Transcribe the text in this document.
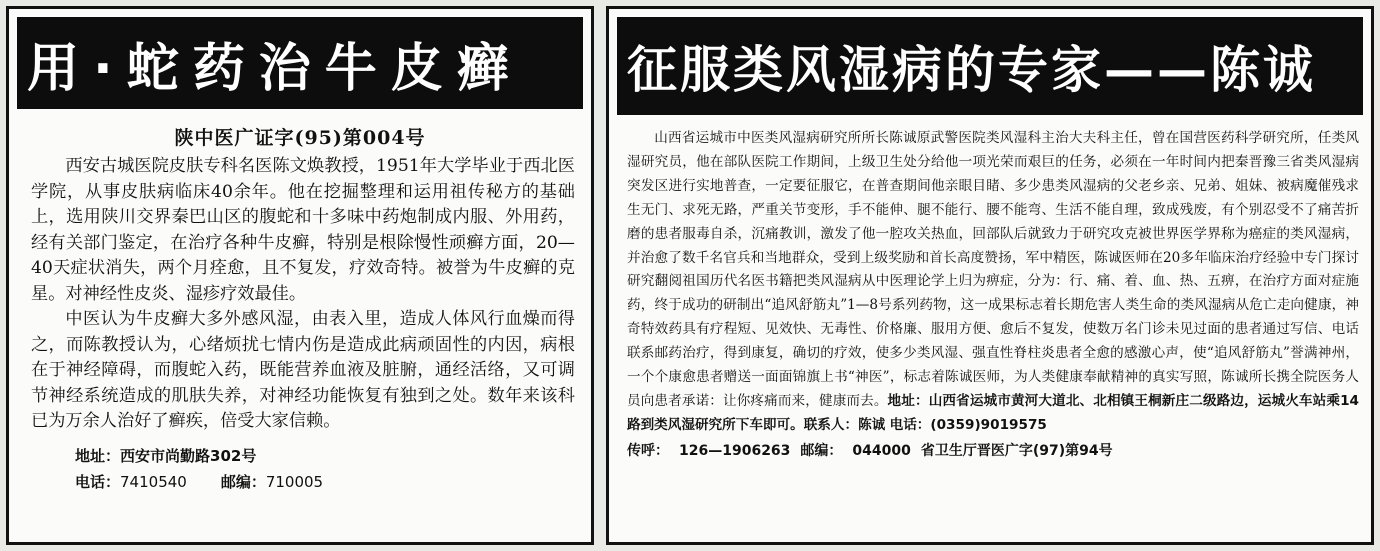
用·蛇药治牛皮癣
陕中医广证字(95)第004号

西安古城医院皮肤专科名医陈文焕教授，1951年大学毕业于西北医学院，从事皮肤病临床40余年。他在挖掘整理和运用祖传秘方的基础上，选用陕川交界秦巴山区的腹蛇和十多味中药炮制成内服、外用药，经有关部门鉴定，在治疗各种牛皮癣，特别是根除慢性顽癣方面，20—40天症状消失，两个月痊愈，且不复发，疗效奇特。被誉为牛皮癣的克星。对神经性皮炎、湿疹疗效最佳。

中医认为牛皮癣大多外感风湿，由表入里，造成人体风行血燥而得之，而陈教授认为，心绪烦扰七情内伤是造成此病顽固性的内因，病根在于神经障碍，而腹蛇入药，既能营养血液及脏腑，通经活络，又可调节神经系统造成的肌肤失养，对神经功能恢复有独到之处。数年来该科已为万余人治好了癣疾，倍受大家信赖。

地址：西安市尚勤路302号
电话：7410540 邮编：710005
征服类风湿病的专家——陈诚

山西省运城市中医类风湿病研究所所长陈诚原武警医院类风湿科主治大夫科主任，曾在国营医药科学研究所，任类风湿研究员，他在部队医院工作期间，上级卫生处分给他一项光荣而艰巨的任务，必须在一年时间内把秦晋豫三省类风湿病突发区进行实地普查，一定要征服它，在普查期间他亲眼目睹、多少患类风湿病的父老乡亲、兄弟、姐妹、被病魔催残求生无门、求死无路，严重关节变形，手不能伸、腿不能行、腰不能弯、生活不能自理，致成残废，有个别忍受不了痛苦折磨的患者服毒自杀，沉痛教训，激发了他一腔攻关热血，回部队后就致力于研究攻克被世界医学界称为癌症的类风湿病，并治愈了数千名官兵和当地群众，受到上级奖励和首长高度赞扬，军中精医，陈诚医师在20多年临床治疗经验中专门探讨研究翻阅祖国历代名医书籍把类风湿病从中医理论学上归为痹症，分为：行、痛、着、血、热、五痹，在治疗方面对症施药，终于成功的研制出“追风舒筋丸”1—8号系列药物，这一成果标志着长期危害人类生命的类风湿病从危亡走向健康，神奇特效药具有疗程短、见效快、无毒性、价格廉、服用方便、愈后不复发，使数万名门诊未见过面的患者通过写信、电话联系邮药治疗，得到康复，确切的疗效，使多少类风湿、强直性脊柱炎患者全愈的感激心声，使“追风舒筋丸”誉满神州，一个个康愈患者赠送一面面锦旗上书“神医”，标志着陈诚医师，为人类健康奉献精神的真实写照，陈诚所长携全院医务人员向患者承诺：让你疼痛而来，健康而去。地址：山西省运城市黄河大道北、北相镇王桐新庄二级路边，运城火车站乘14路到类风湿研究所下车即可。联系人：陈诚 电话：(0359)9019575

传呼： 126—1906263 邮编： 044000 省卫生厅晋医广字(97)第94号
